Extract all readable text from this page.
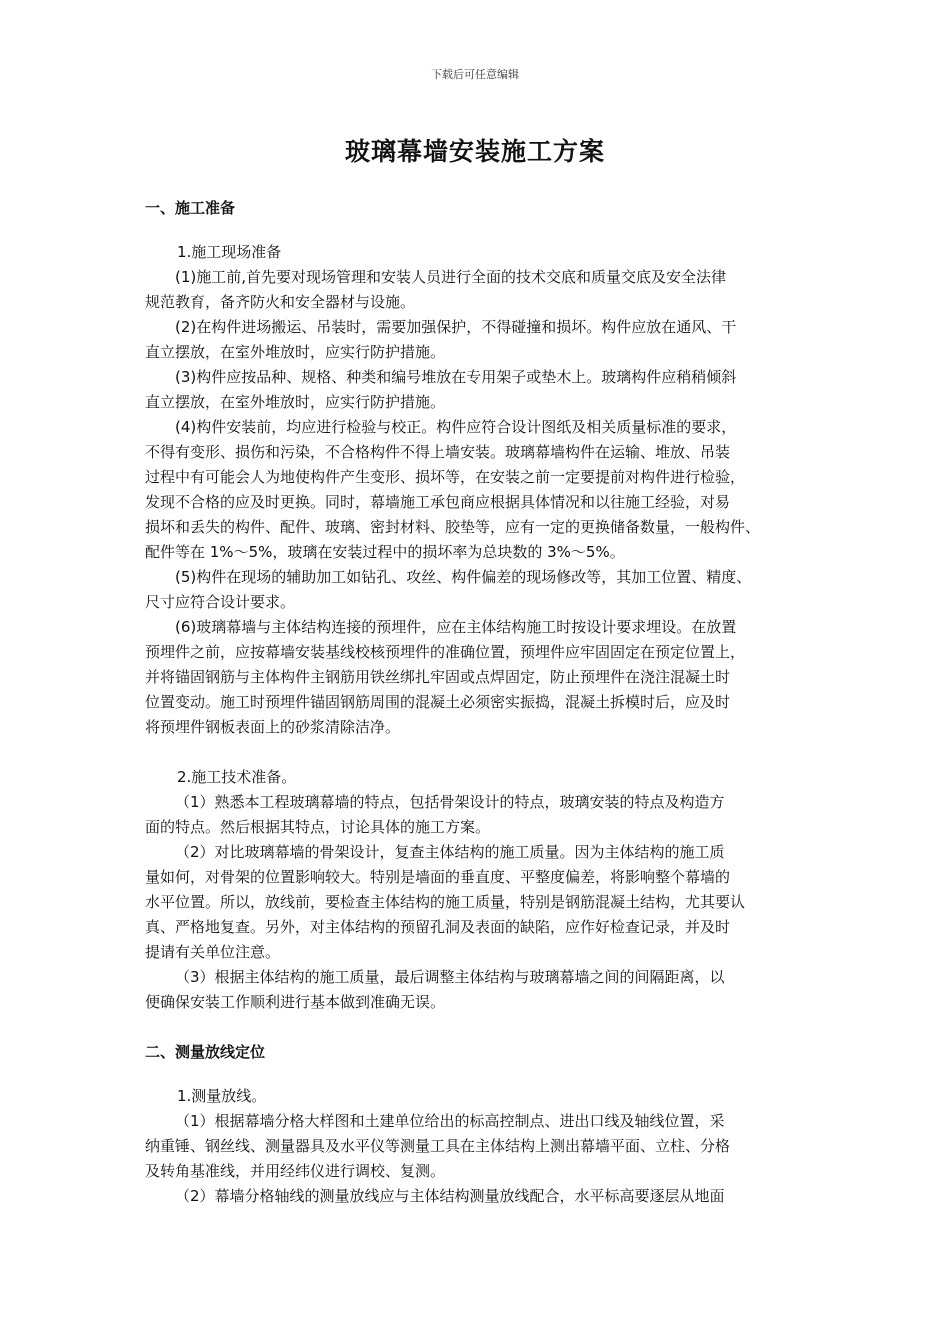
下载后可任意编辑
玻璃幕墙安装施工方案
一、施工准备
1.施工现场准备
(1)施工前,首先要对现场管理和安装人员进行全面的技术交底和质量交底及安全法律
规范教育，备齐防火和安全器材与设施。
(2)在构件进场搬运、吊装时，需要加强保护，不得碰撞和损坏。构件应放在通风、干
直立摆放，在室外堆放时，应实行防护措施。
(3)构件应按品种、规格、种类和编号堆放在专用架子或垫木上。玻璃构件应稍稍倾斜
直立摆放，在室外堆放时，应实行防护措施。
(4)构件安装前，均应进行检验与校正。构件应符合设计图纸及相关质量标准的要求，
不得有变形、损伤和污染，不合格构件不得上墙安装。玻璃幕墙构件在运输、堆放、吊装
过程中有可能会人为地使构件产生变形、损坏等，在安装之前一定要提前对构件进行检验，
发现不合格的应及时更换。同时，幕墙施工承包商应根据具体情况和以往施工经验，对易
损坏和丢失的构件、配件、玻璃、密封材料、胶垫等，应有一定的更换储备数量，一般构件、
配件等在 1%～5%，玻璃在安装过程中的损坏率为总块数的 3%～5%。
(5)构件在现场的辅助加工如钻孔、攻丝、构件偏差的现场修改等，其加工位置、精度、
尺寸应符合设计要求。
(6)玻璃幕墙与主体结构连接的预埋件，应在主体结构施工时按设计要求埋设。在放置
预埋件之前，应按幕墙安装基线校核预埋件的准确位置，预埋件应牢固固定在预定位置上，
并将锚固钢筋与主体构件主钢筋用铁丝绑扎牢固或点焊固定，防止预埋件在浇注混凝土时
位置变动。施工时预埋件锚固钢筋周围的混凝土必须密实振捣，混凝土拆模时后，应及时
将预埋件钢板表面上的砂浆清除洁净。
2.施工技术准备。
（1）熟悉本工程玻璃幕墙的特点，包括骨架设计的特点，玻璃安装的特点及构造方
面的特点。然后根据其特点，讨论具体的施工方案。
（2）对比玻璃幕墙的骨架设计，复查主体结构的施工质量。因为主体结构的施工质
量如何，对骨架的位置影响较大。特别是墙面的垂直度、平整度偏差，将影响整个幕墙的
水平位置。所以，放线前，要检查主体结构的施工质量，特别是钢筋混凝土结构，尤其要认
真、严格地复查。另外，对主体结构的预留孔洞及表面的缺陷，应作好检查记录，并及时
提请有关单位注意。
（3）根据主体结构的施工质量，最后调整主体结构与玻璃幕墙之间的间隔距离，以
便确保安装工作顺利进行基本做到准确无误。
二、测量放线定位
1.测量放线。
（1）根据幕墙分格大样图和土建单位给出的标高控制点、进出口线及轴线位置，采
纳重锤、钢丝线、测量器具及水平仪等测量工具在主体结构上测出幕墙平面、立柱、分格
及转角基准线，并用经纬仪进行调校、复测。
（2）幕墙分格轴线的测量放线应与主体结构测量放线配合，水平标高要逐层从地面
